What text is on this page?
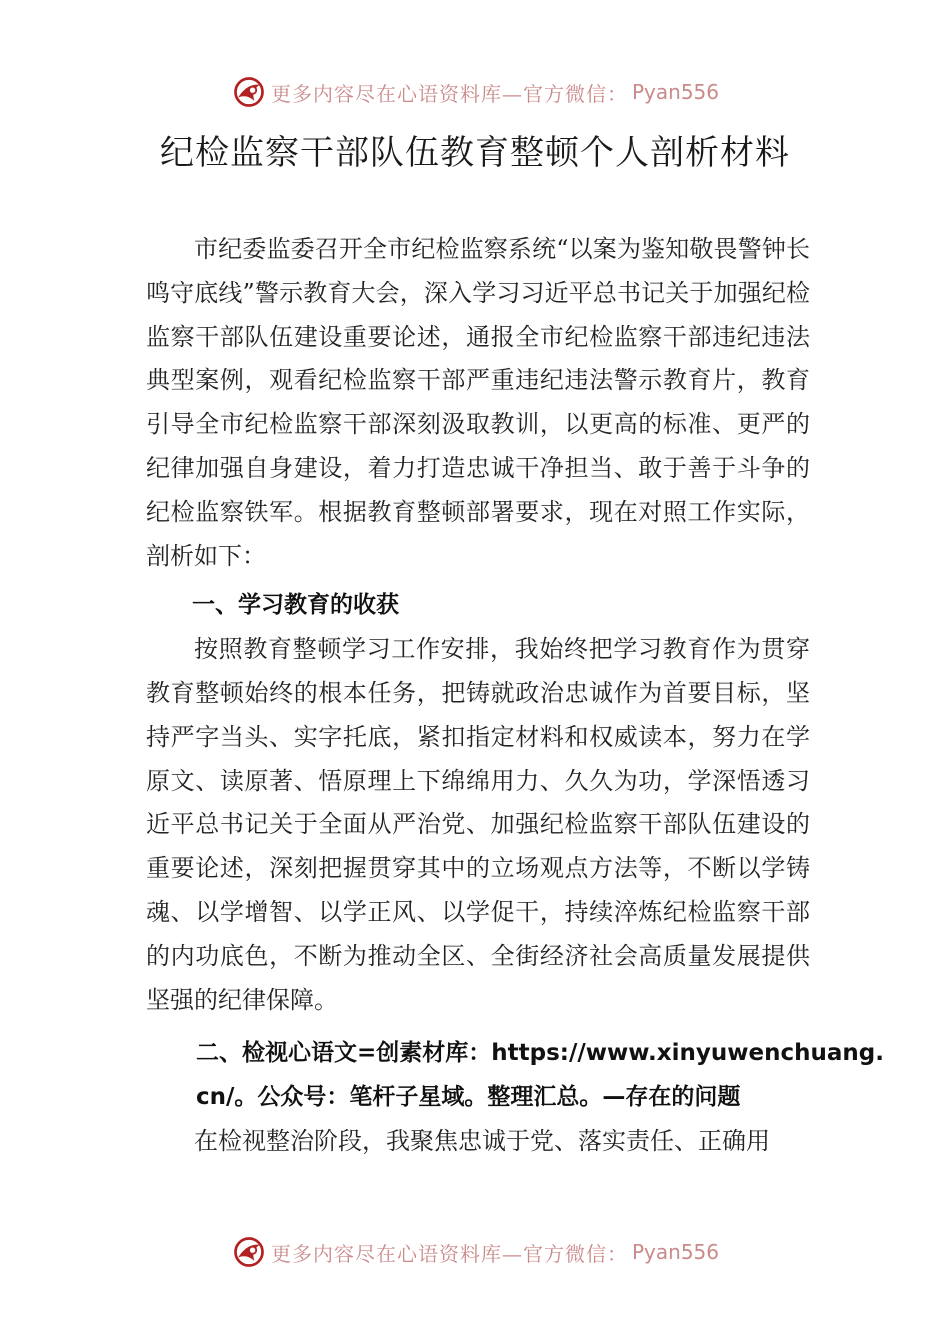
更多内容尽在心语资料库—官方微信： Pyan556
纪检监察干部队伍教育整顿个人剖析材料

市纪委监委召开全市纪检监察系统“以案为鉴知敬畏警钟长鸣守底线”警示教育大会，深入学习习近平总书记关于加强纪检监察干部队伍建设重要论述，通报全市纪检监察干部违纪违法典型案例，观看纪检监察干部严重违纪违法警示教育片，教育引导全市纪检监察干部深刻汲取教训，以更高的标准、更严的纪律加强自身建设，着力打造忠诚干净担当、敢于善于斗争的纪检监察铁军。根据教育整顿部署要求，现在对照工作实际，剖析如下：

一、学习教育的收获

按照教育整顿学习工作安排，我始终把学习教育作为贯穿教育整顿始终的根本任务，把铸就政治忠诚作为首要目标，坚持严字当头、实字托底，紧扣指定材料和权威读本，努力在学原文、读原著、悟原理上下绵绵用力、久久为功，学深悟透习近平总书记关于全面从严治党、加强纪检监察干部队伍建设的重要论述，深刻把握贯穿其中的立场观点方法等，不断以学铸魂、以学增智、以学正风、以学促干，持续淬炼纪检监察干部的内功底色，不断为推动全区、全街经济社会高质量发展提供坚强的纪律保障。

二、检视心语文=创素材库：https://www.xinyuwenchuang.cn/。公众号：笔杆子星域。整理汇总。—存在的问题

在检视整治阶段，我聚焦忠诚于党、落实责任、正确用

更多内容尽在心语资料库—官方微信： Pyan556
